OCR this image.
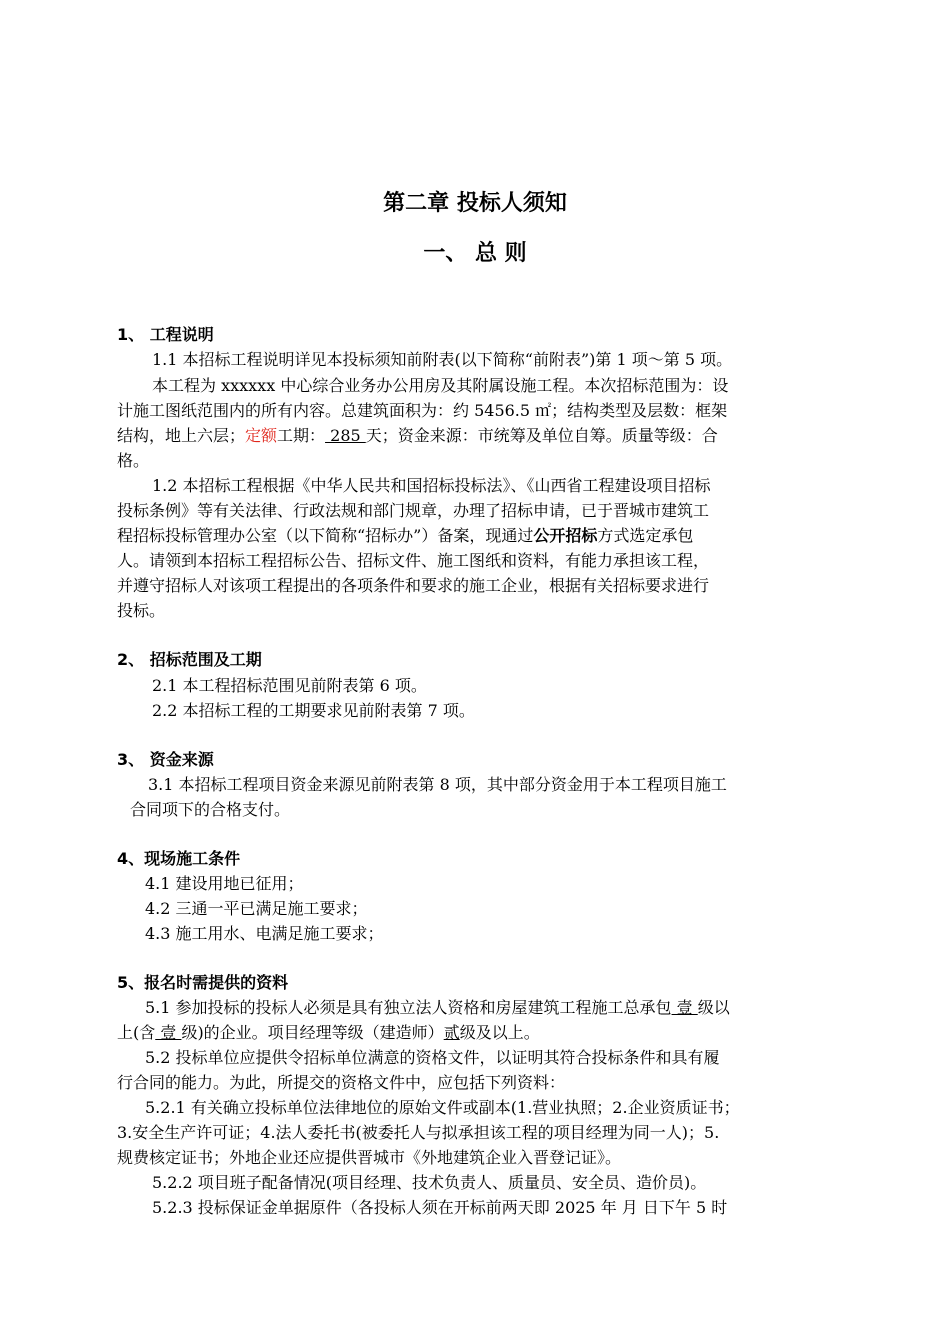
第二章 投标人须知
一、 总 则
1、 工程说明
1.1 本招标工程说明详见本投标须知前附表(以下简称“前附表”)第 1 项～第 5 项。
本工程为 xxxxxx 中心综合业务办公用房及其附属设施工程。本次招标范围为：设
计施工图纸范围内的所有内容。总建筑面积为：约 5456.5 ㎡；结构类型及层数：框架
结构，地上六层；定额工期： 285 天；资金来源：市统筹及单位自筹。质量等级：合
格。
1.2 本招标工程根据《中华人民共和国招标投标法》、《山西省工程建设项目招标
投标条例》等有关法律、行政法规和部门规章，办理了招标申请，已于晋城市建筑工
程招标投标管理办公室（以下简称“招标办”）备案，现通过公开招标方式选定承包
人。请领到本招标工程招标公告、招标文件、施工图纸和资料，有能力承担该工程，
并遵守招标人对该项工程提出的各项条件和要求的施工企业，根据有关招标要求进行
投标。
2、 招标范围及工期
2.1 本工程招标范围见前附表第 6 项。
2.2 本招标工程的工期要求见前附表第 7 项。
3、 资金来源
3.1 本招标工程项目资金来源见前附表第 8 项，其中部分资金用于本工程项目施工
合同项下的合格支付。
4、现场施工条件
4.1 建设用地已征用；
4.2 三通一平已满足施工要求；
4.3 施工用水、电满足施工要求；
5、报名时需提供的资料
5.1 参加投标的投标人必须是具有独立法人资格和房屋建筑工程施工总承包 壹 级以
上(含 壹 级)的企业。项目经理等级（建造师）贰级及以上。
5.2 投标单位应提供令招标单位满意的资格文件，以证明其符合投标条件和具有履
行合同的能力。为此，所提交的资格文件中，应包括下列资料：
5.2.1 有关确立投标单位法律地位的原始文件或副本(1.营业执照；2.企业资质证书；
3.安全生产许可证；4.法人委托书(被委托人与拟承担该工程的项目经理为同一人)；5.
规费核定证书；外地企业还应提供晋城市《外地建筑企业入晋登记证》。
5.2.2 项目班子配备情况(项目经理、技术负责人、质量员、安全员、造价员)。
5.2.3 投标保证金单据原件（各投标人须在开标前两天即 2025 年 月 日下午 5 时
